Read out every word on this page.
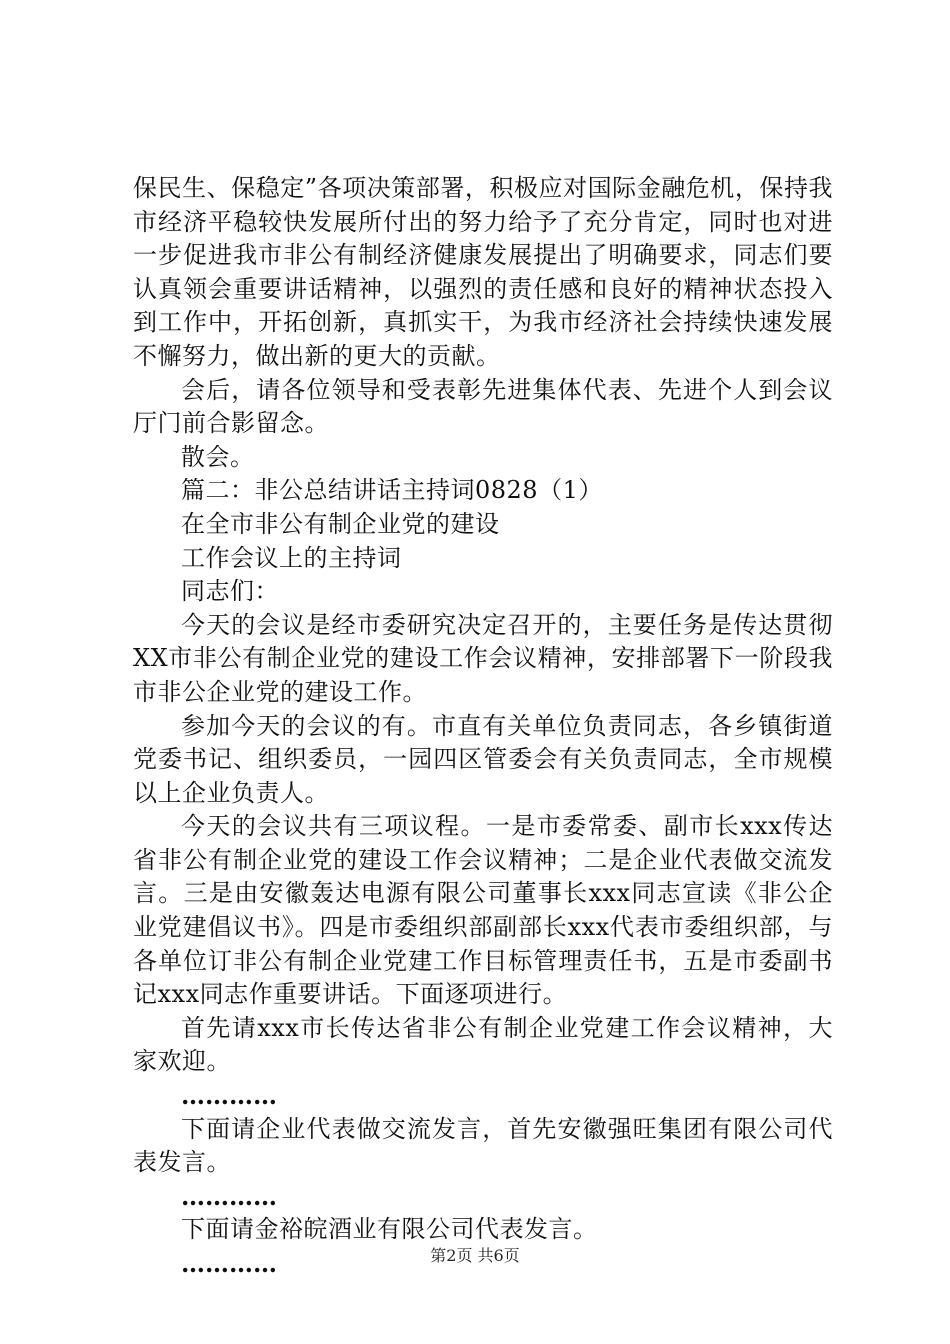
保民生、保稳定”各项决策部署，积极应对国际金融危机，保持我市经济平稳较快发展所付出的努力给予了充分肯定，同时也对进一步促进我市非公有制经济健康发展提出了明确要求，同志们要认真领会重要讲话精神，以强烈的责任感和良好的精神状态投入到工作中，开拓创新，真抓实干，为我市经济社会持续快速发展不懈努力，做出新的更大的贡献。

会后，请各位领导和受表彰先进集体代表、先进个人到会议厅门前合影留念。

散会。

篇二：非公总结讲话主持词0828（1）

在全市非公有制企业党的建设

工作会议上的主持词

同志们：

今天的会议是经市委研究决定召开的，主要任务是传达贯彻XX市非公有制企业党的建设工作会议精神，安排部署下一阶段我市非公企业党的建设工作。

参加今天的会议的有。市直有关单位负责同志，各乡镇街道党委书记、组织委员，一园四区管委会有关负责同志，全市规模以上企业负责人。

今天的会议共有三项议程。一是市委常委、副市长xxx传达省非公有制企业党的建设工作会议精神；二是企业代表做交流发言。三是由安徽轰达电源有限公司董事长xxx同志宣读《非公企业党建倡议书》。四是市委组织部副部长xxx代表市委组织部，与各单位订非公有制企业党建工作目标管理责任书，五是市委副书记xxx同志作重要讲话。下面逐项进行。

首先请xxx市长传达省非公有制企业党建工作会议精神，大家欢迎。

…………

下面请企业代表做交流发言，首先安徽强旺集团有限公司代表发言。

…………

下面请金裕皖酒业有限公司代表发言。

…………	第2页 共6页
